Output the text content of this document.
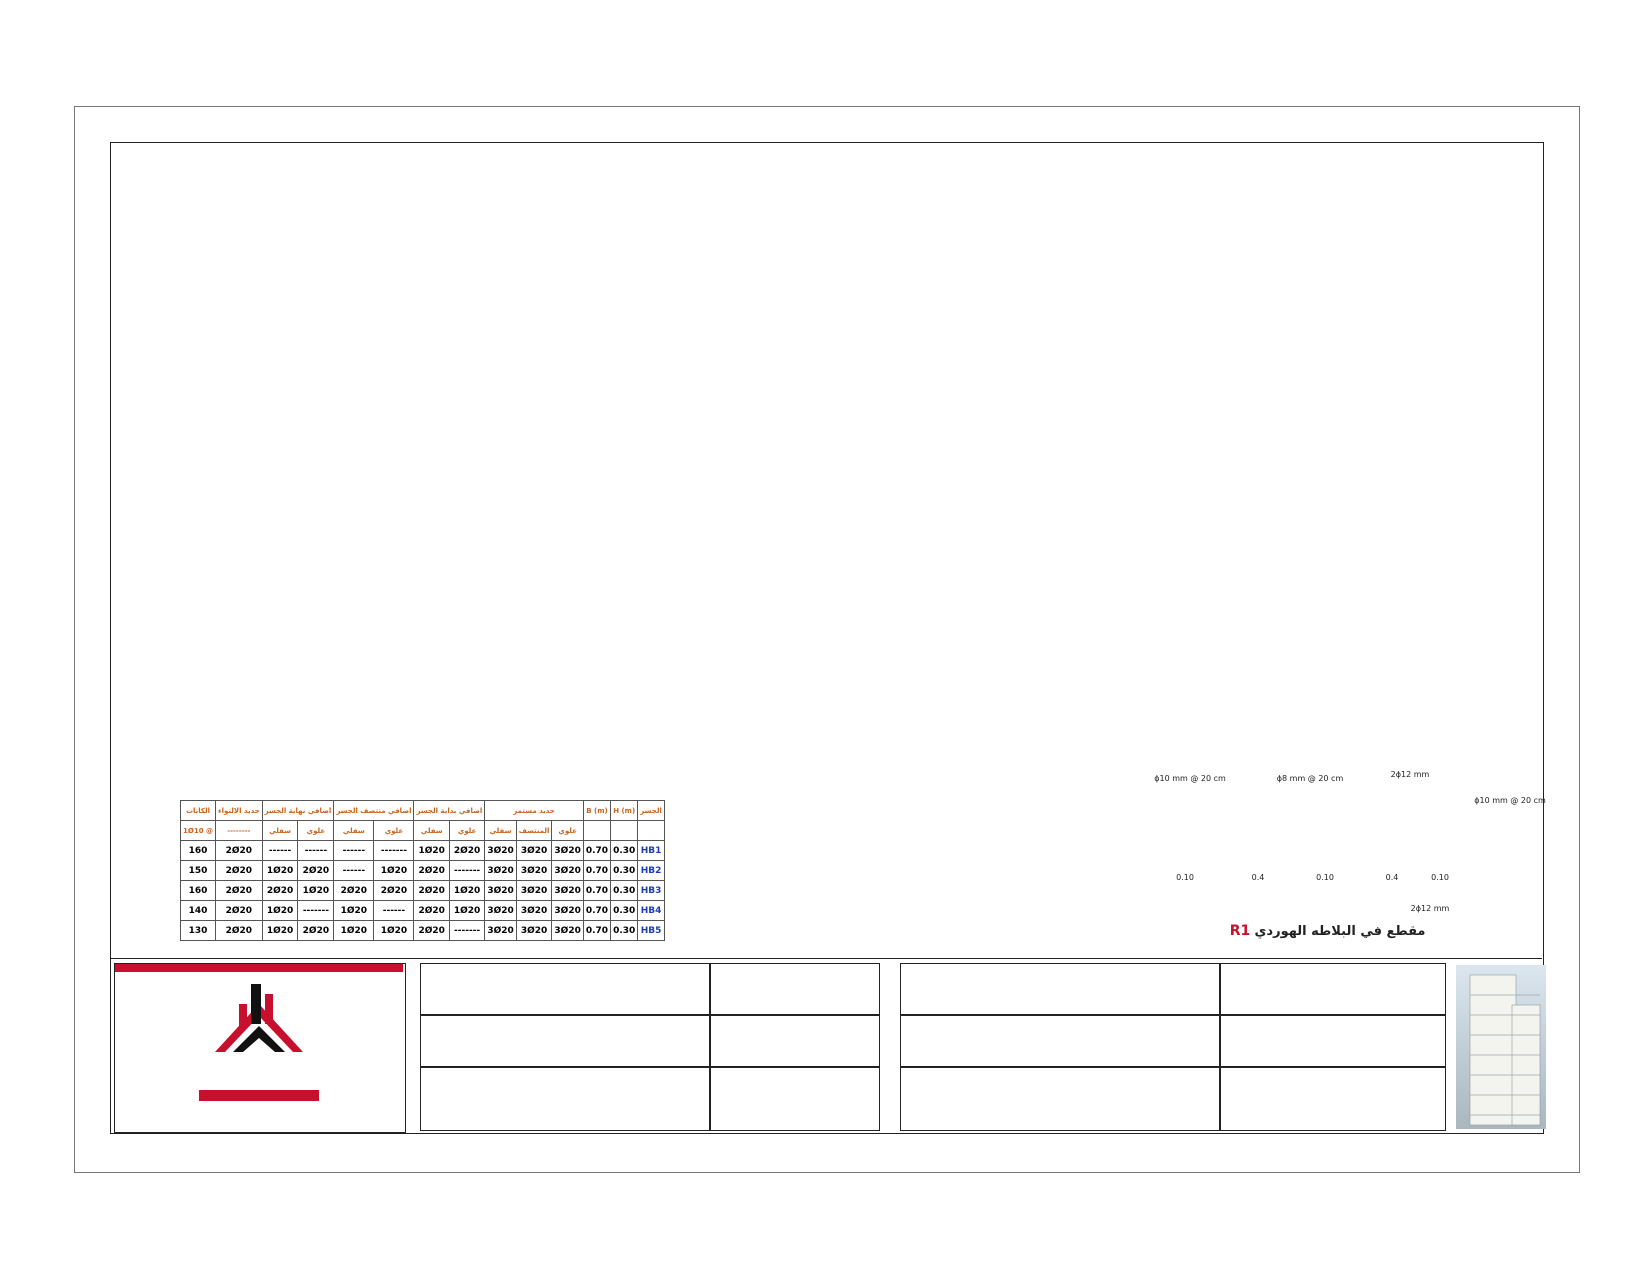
ϕ10 mm @ 20 cm	ϕ8 mm @ 20 cm	2ϕ12 mm
ϕ10 mm @ 20 cm
2ϕ12 mm
0.10	0.4	0.10	0.4	0.10
R1 مقطع في البلاطه الهوردي
الكانات	حديد الالتواء	اضافي نهاية الجسر		اضافي منتصف الجسر		اضافي بداية الجسر		حديد مستمر			B (m)	H (m)	الجسر
1Ø10 @	--------	سفلي	علوي	سفلي	علوي	سفلي	علوي	سفلي	المنتصف	علوي			
160	2Ø20	------	------	------	-------	1Ø20	2Ø20	3Ø20	3Ø20	3Ø20	0.70	0.30	HB1
150	2Ø20	1Ø20	2Ø20	------	1Ø20	2Ø20	-------	3Ø20	3Ø20	3Ø20	0.70	0.30	HB2
160	2Ø20	2Ø20	1Ø20	2Ø20	2Ø20	2Ø20	1Ø20	3Ø20	3Ø20	3Ø20	0.70	0.30	HB3
140	2Ø20	1Ø20	-------	1Ø20	------	2Ø20	1Ø20	3Ø20	3Ø20	3Ø20	0.70	0.30	HB4
130	2Ø20	1Ø20	2Ø20	1Ø20	1Ø20	2Ø20	-------	3Ø20	3Ø20	3Ø20	0.70	0.30	HB5
